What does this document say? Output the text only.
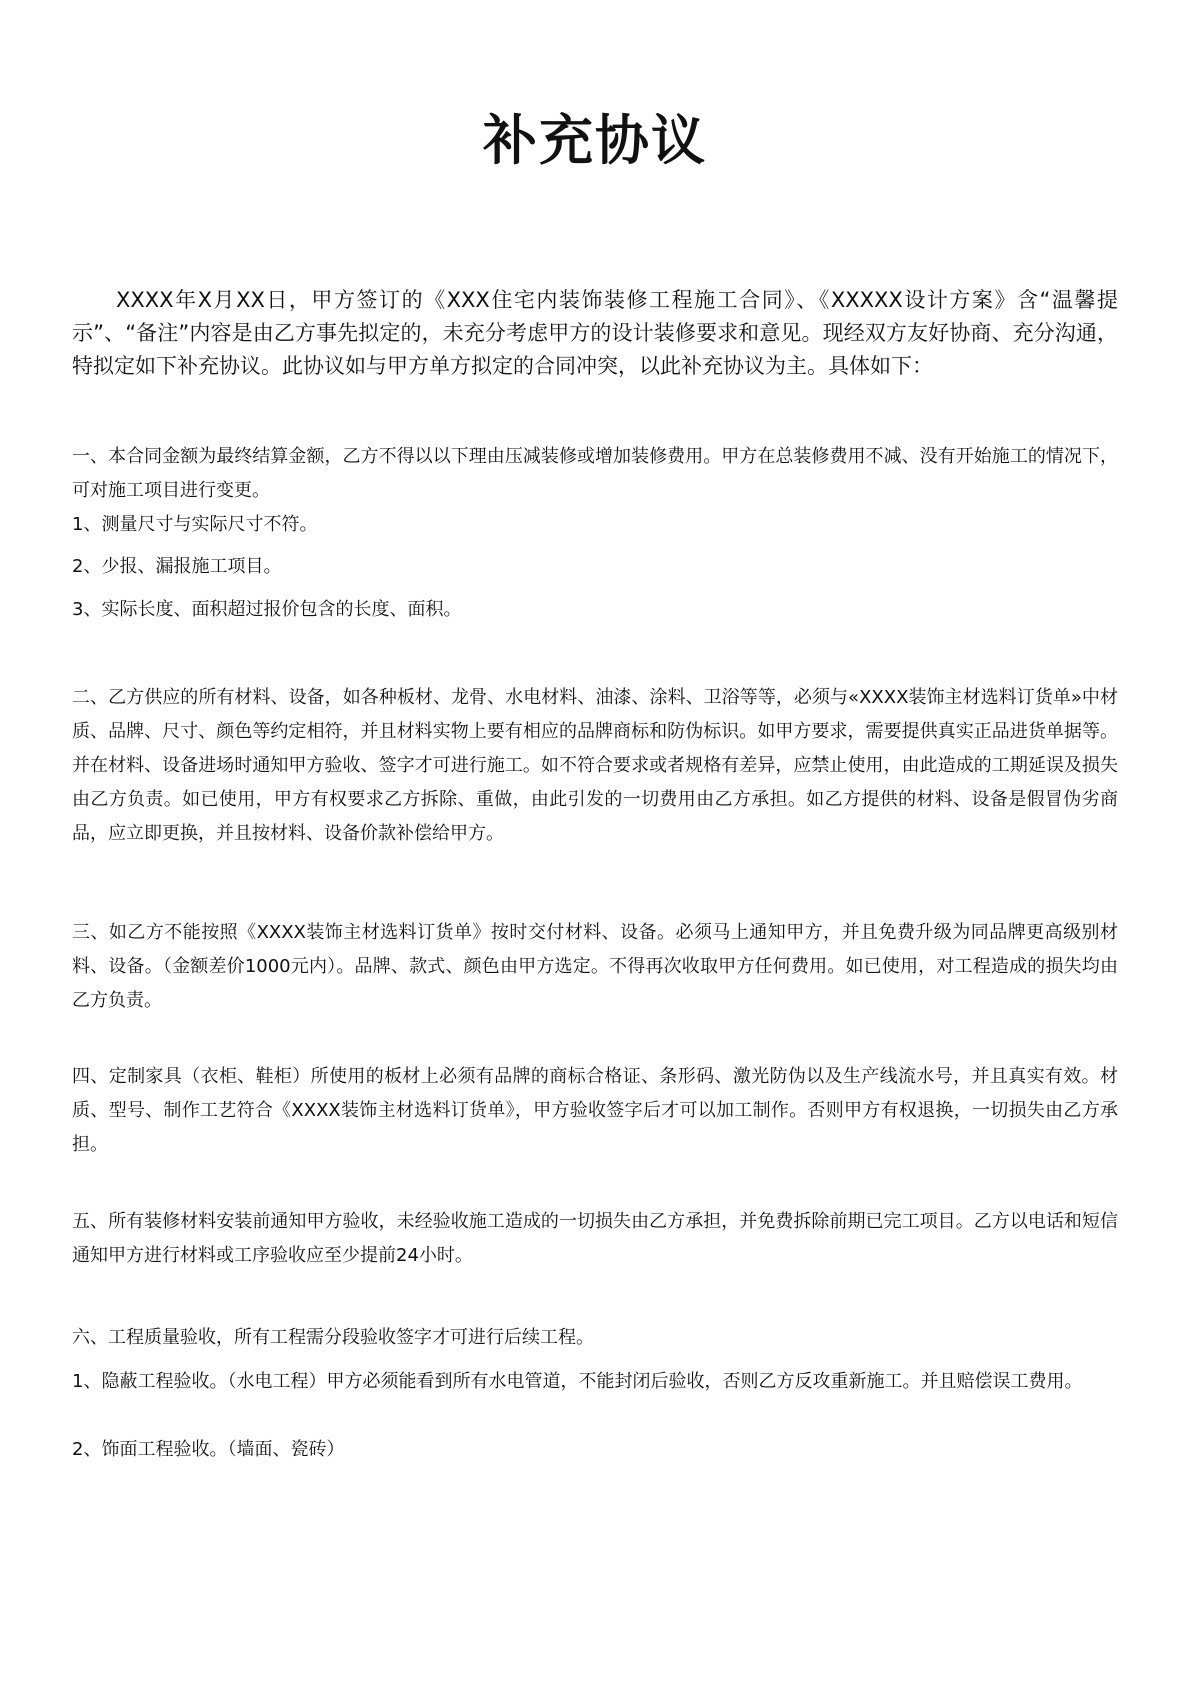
补充协议

XXXX年X月XX日，甲方签订的《XXX住宅内装饰装修工程施工合同》、《XXXXX设计方案》含“温馨提示”、“备注”内容是由乙方事先拟定的，未充分考虑甲方的设计装修要求和意见。现经双方友好协商、充分沟通，特拟定如下补充协议。此协议如与甲方单方拟定的合同冲突，以此补充协议为主。具体如下：

一、本合同金额为最终结算金额，乙方不得以以下理由压减装修或增加装修费用。甲方在总装修费用不减、没有开始施工的情况下，可对施工项目进行变更。

1、测量尺寸与实际尺寸不符。

2、少报、漏报施工项目。

3、实际长度、面积超过报价包含的长度、面积。

二、乙方供应的所有材料、设备，如各种板材、龙骨、水电材料、油漆、涂料、卫浴等等，必须与«XXXX装饰主材选料订货单»中材质、品牌、尺寸、颜色等约定相符，并且材料实物上要有相应的品牌商标和防伪标识。如甲方要求，需要提供真实正品进货单据等。并在材料、设备进场时通知甲方验收、签字才可进行施工。如不符合要求或者规格有差异，应禁止使用，由此造成的工期延误及损失由乙方负责。如已使用，甲方有权要求乙方拆除、重做，由此引发的一切费用由乙方承担。如乙方提供的材料、设备是假冒伪劣商品，应立即更换，并且按材料、设备价款补偿给甲方。

三、如乙方不能按照《XXXX装饰主材选料订货单》按时交付材料、设备。必须马上通知甲方，并且免费升级为同品牌更高级别材料、设备。（金额差价1000元内）。品牌、款式、颜色由甲方选定。不得再次收取甲方任何费用。如已使用，对工程造成的损失均由乙方负责。

四、定制家具（衣柜、鞋柜）所使用的板材上必须有品牌的商标合格证、条形码、激光防伪以及生产线流水号，并且真实有效。材质、型号、制作工艺符合《XXXX装饰主材选料订货单》，甲方验收签字后才可以加工制作。否则甲方有权退换，一切损失由乙方承担。

五、所有装修材料安装前通知甲方验收，未经验收施工造成的一切损失由乙方承担，并免费拆除前期已完工项目。乙方以电话和短信通知甲方进行材料或工序验收应至少提前24小时。

六、工程质量验收，所有工程需分段验收签字才可进行后续工程。

1、隐蔽工程验收。（水电工程）甲方必须能看到所有水电管道，不能封闭后验收，否则乙方反攻重新施工。并且赔偿误工费用。

2、饰面工程验收。（墙面、瓷砖）
